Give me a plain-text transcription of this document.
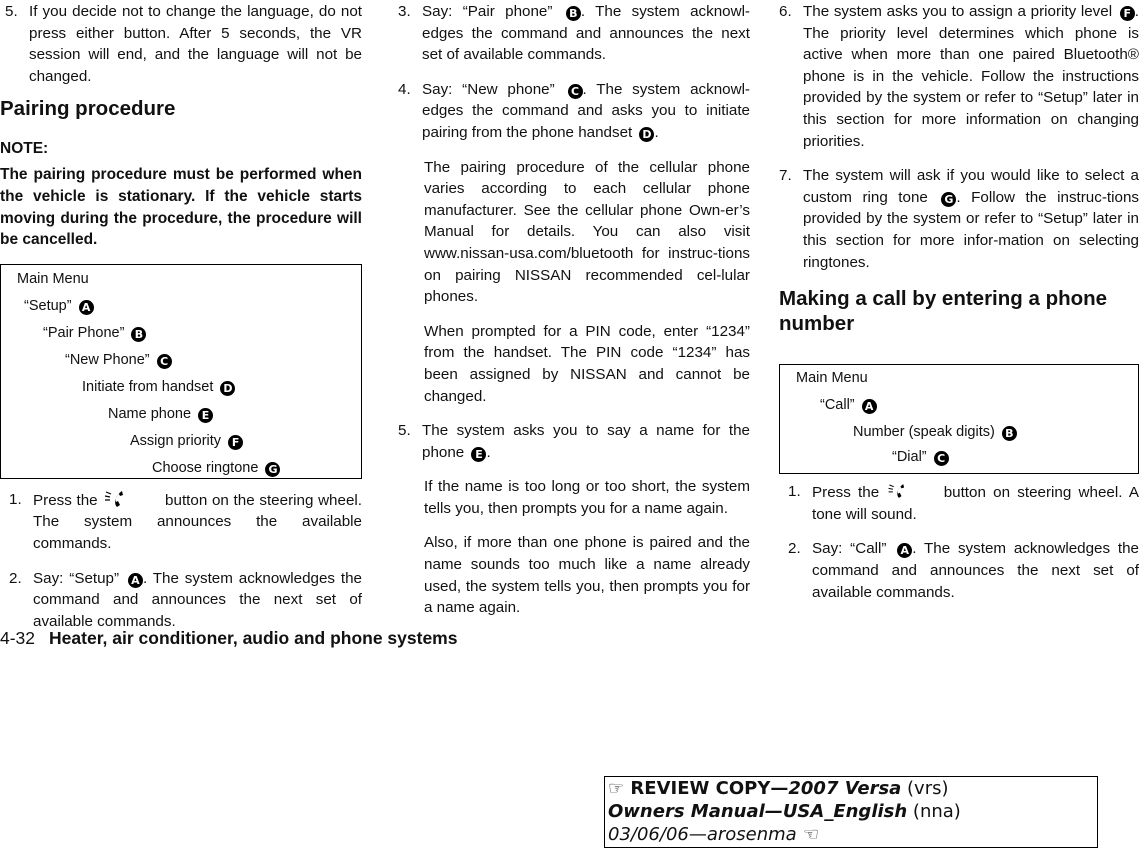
5. If you decide not to change the language, do not press either button. After 5 seconds, the VR session will end, and the language will not be changed.
Pairing procedure

NOTE:

The pairing procedure must be performed when the vehicle is stationary. If the vehicle starts moving during the procedure, the procedure will be cancelled.

Main Menu
“Setup” A
“Pair Phone” B
“New Phone” C
Initiate from handset D
Name phone E
Assign priority F
Choose ringtone G
1. Press the	button on the steering wheel. The system announces the available commands.
2. Say: “Setup” A . The system acknowledges the command and announces the next set of available commands.
3. Say: “Pair phone” B . The system acknowl-edges the command and announces the next set of available commands.
4. Say: “New phone” C . The system acknowl-edges the command and asks you to initiate pairing from the phone handset D .

The pairing procedure of the cellular phone varies according to each cellular phone manufacturer. See the cellular phone Own-er’s Manual for details. You can also visit www.nissan-usa.com/bluetooth for instruc-tions on pairing NISSAN recommended cel-lular phones.

When prompted for a PIN code, enter “1234” from the handset. The PIN code “1234” has been assigned by NISSAN and cannot be changed.

5. The system asks you to say a name for the phone E .

If the name is too long or too short, the system tells you, then prompts you for a name again.

Also, if more than one phone is paired and the name sounds too much like a name already used, the system tells you, then prompts you for a name again.

6. The system asks you to assign a priority level F . The priority level determines which phone is active when more than one paired Bluetooth® phone is in the vehicle. Follow the instructions provided by the system or refer to “Setup” later in this section for more information on changing priorities.
7. The system will ask if you would like to select a custom ring tone G . Follow the instruc-tions provided by the system or refer to “Setup” later in this section for more infor-mation on selecting ringtones.
Making a call by entering a phone number
Main Menu
“Call” A
Number (speak digits) B
“Dial” C
1. Press the	button on steering wheel. A tone will sound.
2. Say: “Call” A . The system acknowledges the command and announces the next set of available commands.
4-32 Heater, air conditioner, audio and phone systems
☞ REVIEW COPY—2007 Versa (vrs)
Owners Manual—USA_English (nna)
03/06/06—arosenma ☜
